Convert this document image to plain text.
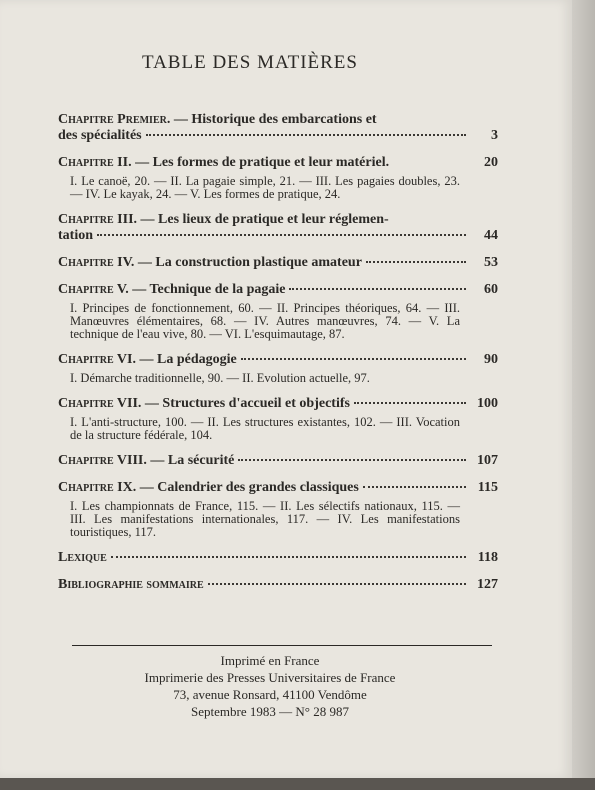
TABLE DES MATIÈRES
Chapitre Premier. — Historique des embarcations et
des spécialités	3
Chapitre II. — Les formes de pratique et leur matériel.	20
I. Le canoë, 20. — II. La pagaie simple, 21. — III. Les pagaies doubles, 23. — IV. Le kayak, 24. — V. Les formes de pratique, 24.
Chapitre III. — Les lieux de pratique et leur réglemen-
tation	44
Chapitre IV. — La construction plastique amateur	53
Chapitre V. — Technique de la pagaie	60
I. Principes de fonctionnement, 60. — II. Principes théoriques, 64. — III. Manœuvres élémentaires, 68. — IV. Autres manœuvres, 74. — V. La technique de l'eau vive, 80. — VI. L'esquimautage, 87.
Chapitre VI. — La pédagogie	90
I. Démarche traditionnelle, 90. — II. Evolution actuelle, 97.
Chapitre VII. — Structures d'accueil et objectifs	100
I. L'anti-structure, 100. — II. Les structures existantes, 102. — III. Vocation de la structure fédérale, 104.
Chapitre VIII. — La sécurité	107
Chapitre IX. — Calendrier des grandes classiques	115
I. Les championnats de France, 115. — II. Les sélectifs nationaux, 115. — III. Les manifestations internationales, 117. — IV. Les manifestations touristiques, 117.
Lexique	118
Bibliographie sommaire	127
Imprimé en France
Imprimerie des Presses Universitaires de France
73, avenue Ronsard, 41100 Vendôme
Septembre 1983 — N° 28 987
